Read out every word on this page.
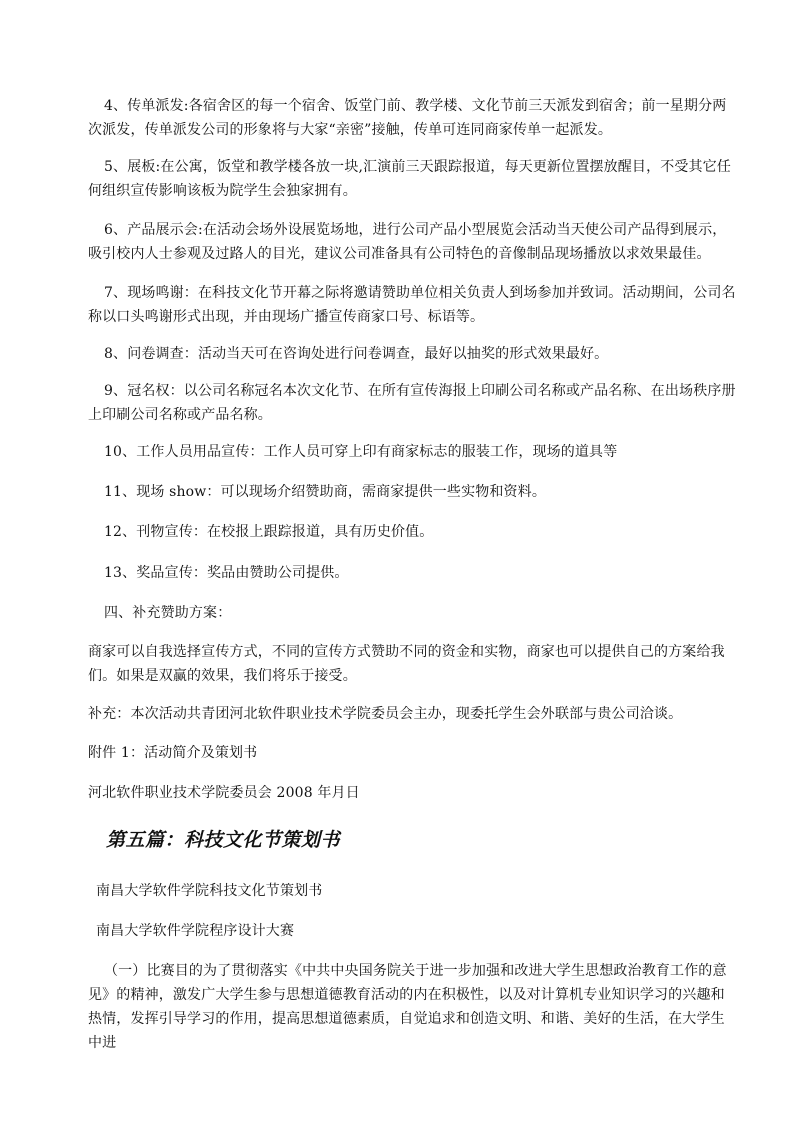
4、传单派发:各宿舍区的每一个宿舍、饭堂门前、教学楼、文化节前三天派发到宿舍；前一星期分两次派发，传单派发公司的形象将与大家“亲密”接触，传单可连同商家传单一起派发。

5、展板:在公寓，饭堂和教学楼各放一块,汇演前三天跟踪报道，每天更新位置摆放醒目，不受其它任何组织宣传影响该板为院学生会独家拥有。

6、产品展示会:在活动会场外设展览场地，进行公司产品小型展览会活动当天使公司产品得到展示，吸引校内人士参观及过路人的目光，建议公司准备具有公司特色的音像制品现场播放以求效果最佳。

7、现场鸣谢：在科技文化节开幕之际将邀请赞助单位相关负责人到场参加并致词。活动期间，公司名称以口头鸣谢形式出现，并由现场广播宣传商家口号、标语等。

8、问卷调查：活动当天可在咨询处进行问卷调查，最好以抽奖的形式效果最好。

9、冠名权：以公司名称冠名本次文化节、在所有宣传海报上印刷公司名称或产品名称、在出场秩序册上印刷公司名称或产品名称。

10、工作人员用品宣传：工作人员可穿上印有商家标志的服装工作，现场的道具等

11、现场 show：可以现场介绍赞助商，需商家提供一些实物和资料。

12、刊物宣传：在校报上跟踪报道，具有历史价值。

13、奖品宣传：奖品由赞助公司提供。

四、补充赞助方案：

商家可以自我选择宣传方式，不同的宣传方式赞助不同的资金和实物，商家也可以提供自己的方案给我们。如果是双赢的效果，我们将乐于接受。

补充：本次活动共青团河北软件职业技术学院委员会主办，现委托学生会外联部与贵公司洽谈。

附件 1：活动简介及策划书

河北软件职业技术学院委员会 2008 年月日

第五篇：科技文化节策划书

南昌大学软件学院科技文化节策划书

南昌大学软件学院程序设计大赛

（一）比赛目的为了贯彻落实《中共中央国务院关于进一步加强和改进大学生思想政治教育工作的意见》的精神，激发广大学生参与思想道德教育活动的内在积极性，以及对计算机专业知识学习的兴趣和热情，发挥引导学习的作用，提高思想道德素质，自觉追求和创造文明、和谐、美好的生活，在大学生中进
